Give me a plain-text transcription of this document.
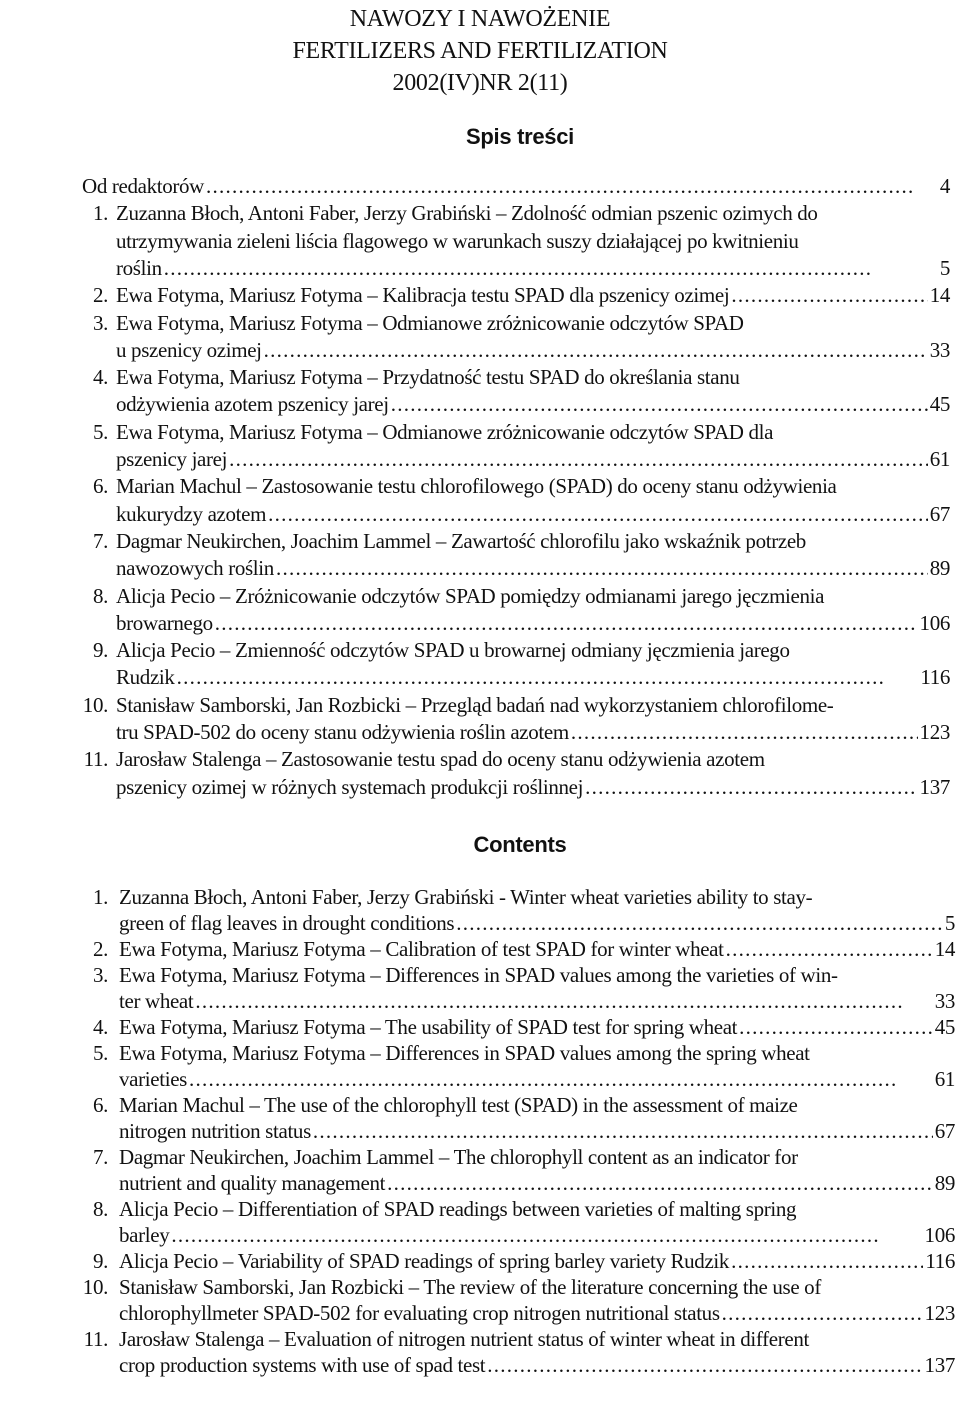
NAWOZY I NAWOŻENIE
FERTILIZERS AND FERTILIZATION
2002(IV)NR 2(11)
Spis treści
Od redaktorów . . .	4
1. Zuzanna Błoch, Antoni Faber, Jerzy Grabiński – Zdolność odmian pszenic ozimych do
utrzymywania zieleni liścia flagowego w warunkach suszy działającej po kwitnieniu
roślin . . .	5
2. Ewa Fotyma, Mariusz Fotyma – Kalibracja testu SPAD dla pszenicy ozimej . . .	14
3. Ewa Fotyma, Mariusz Fotyma – Odmianowe zróżnicowanie odczytów SPAD
u pszenicy ozimej . . .	33
4. Ewa Fotyma, Mariusz Fotyma – Przydatność testu SPAD do określania stanu
odżywienia azotem pszenicy jarej . . .	45
5. Ewa Fotyma, Mariusz Fotyma – Odmianowe zróżnicowanie odczytów SPAD dla
pszenicy jarej . . .	61
6. Marian Machul – Zastosowanie testu chlorofilowego (SPAD) do oceny stanu odżywienia
kukurydzy azotem . . .	67
7. Dagmar Neukirchen, Joachim Lammel – Zawartość chlorofilu jako wskaźnik potrzeb
nawozowych roślin . . .	89
8. Alicja Pecio – Zróżnicowanie odczytów SPAD pomiędzy odmianami jarego jęczmienia
browarnego . . .	106
9. Alicja Pecio – Zmienność odczytów SPAD u browarnej odmiany jęczmienia jarego
Rudzik . . .	116
10. Stanisław Samborski, Jan Rozbicki – Przegląd badań nad wykorzystaniem chlorofilome-
tru SPAD-502 do oceny stanu odżywienia roślin azotem . . .	123
11. Jarosław Stalenga – Zastosowanie testu spad do oceny stanu odżywienia azotem
pszenicy ozimej w różnych systemach produkcji roślinnej . . .	137
Contents
1. Zuzanna Błoch, Antoni Faber, Jerzy Grabiński - Winter wheat varieties ability to stay-
green of flag leaves in drought conditions . . .	5
2. Ewa Fotyma, Mariusz Fotyma – Calibration of test SPAD for winter wheat . . .	14
3. Ewa Fotyma, Mariusz Fotyma – Differences in SPAD values among the varieties of win-
ter wheat . . .	33
4. Ewa Fotyma, Mariusz Fotyma – The usability of SPAD test for spring wheat . . .	45
5. Ewa Fotyma, Mariusz Fotyma – Differences in SPAD values among the spring wheat
varieties . . .	61
6. Marian Machul – The use of the chlorophyll test (SPAD) in the assessment of maize
nitrogen nutrition status . . .	67
7. Dagmar Neukirchen, Joachim Lammel – The chlorophyll content as an indicator for
nutrient and quality management . . .	89
8. Alicja Pecio – Differentiation of SPAD readings between varieties of malting spring
barley . . .	106
9. Alicja Pecio – Variability of SPAD readings of spring barley variety Rudzik . . .	116
10. Stanisław Samborski, Jan Rozbicki – The review of the literature concerning the use of
chlorophyllmeter SPAD-502 for evaluating crop nitrogen nutritional status . . .	123
11. Jarosław Stalenga – Evaluation of nitrogen nutrient status of winter wheat in different
crop production systems with use of spad test . . .	137
